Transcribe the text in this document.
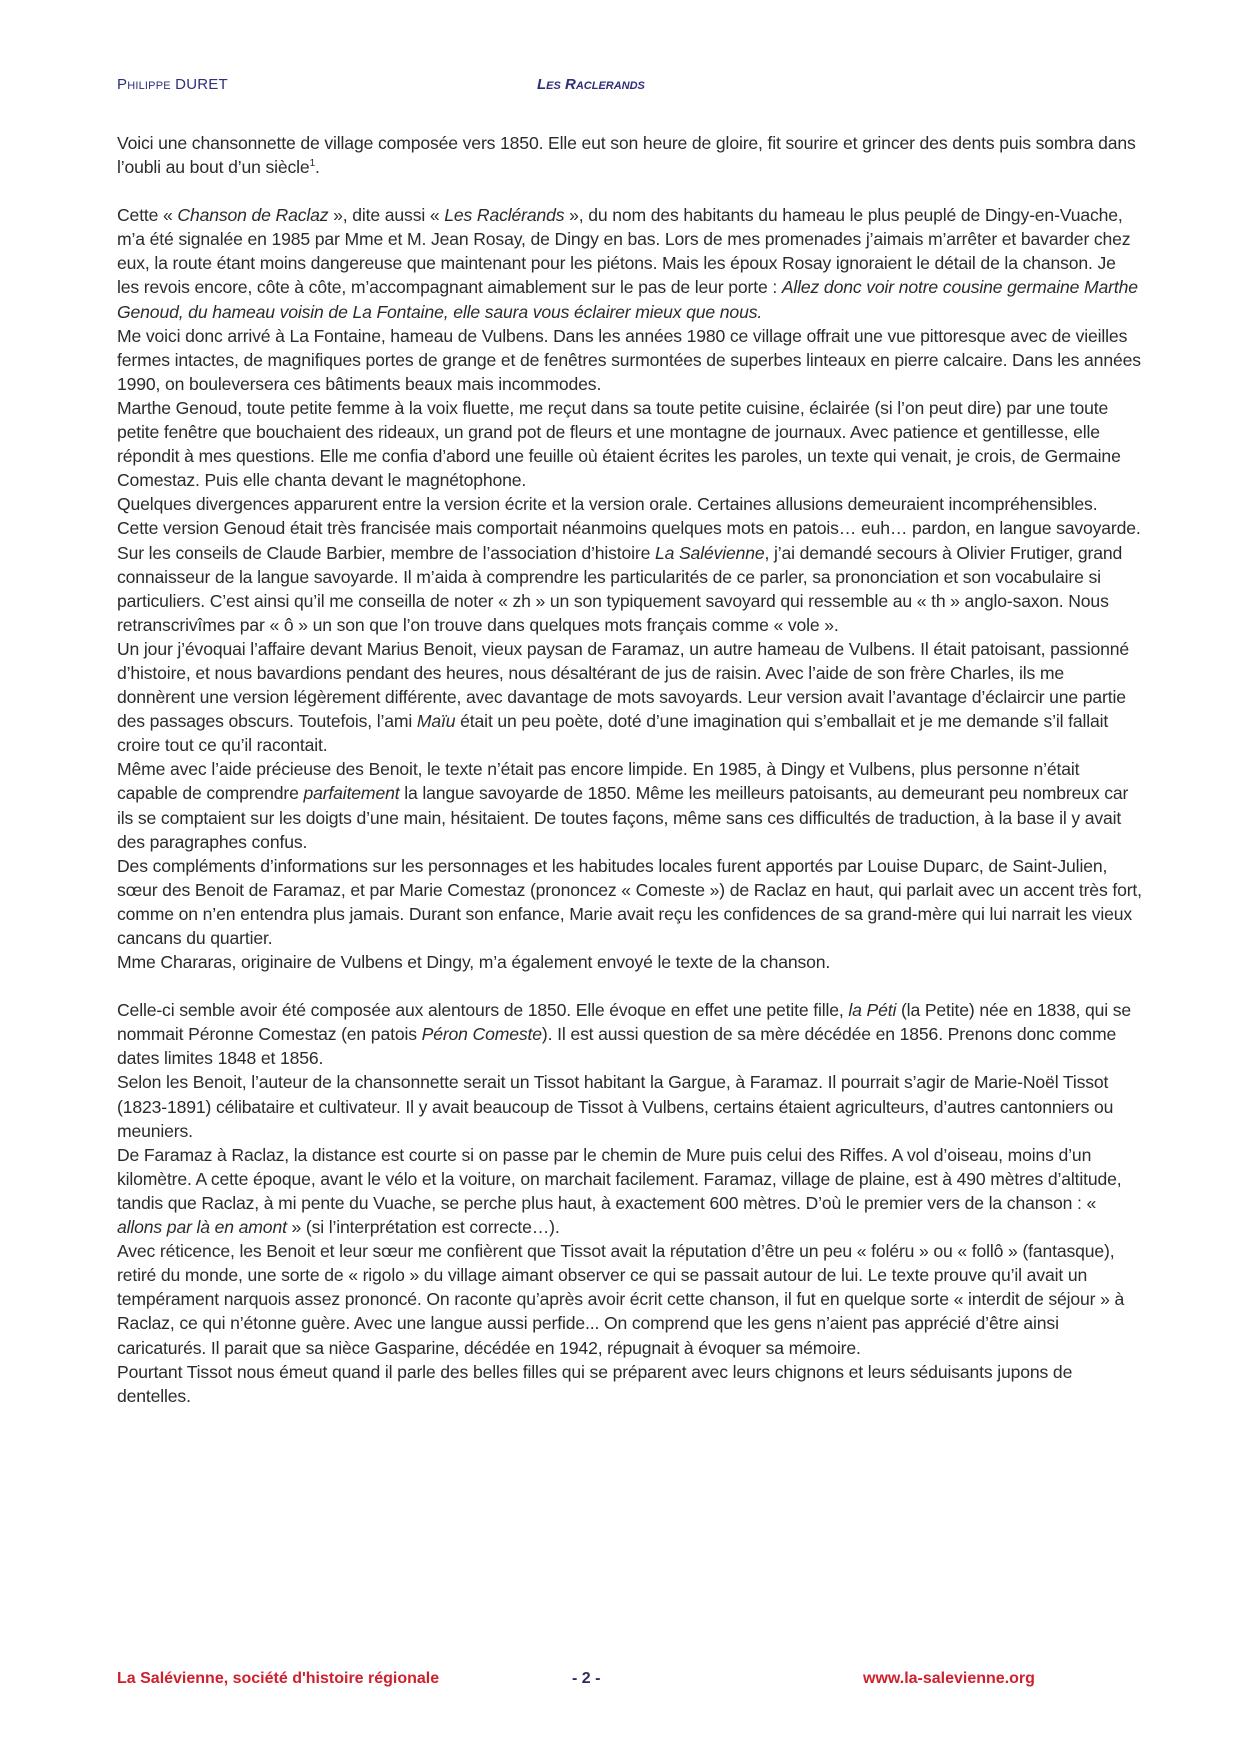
Philippe DURET	Les Raclerands

Voici une chansonnette de village composée vers 1850. Elle eut son heure de gloire, fit sourire et grincer des dents puis sombra dans l’oubli au bout d’un siècle$^1$.

Cette « Chanson de Raclaz », dite aussi « Les Raclérands », du nom des habitants du hameau le plus peuplé de Dingy-en-Vuache, m’a été signalée en 1985 par Mme et M. Jean Rosay, de Dingy en bas. Lors de mes promenades j’aimais m’arrêter et bavarder chez eux, la route étant moins dangereuse que maintenant pour les piétons. Mais les époux Rosay ignoraient le détail de la chanson. Je les revois encore, côte à côte, m’accompagnant aimablement sur le pas de leur porte : Allez donc voir notre cousine germaine Marthe Genoud, du hameau voisin de La Fontaine, elle saura vous éclairer mieux que nous.

Me voici donc arrivé à La Fontaine, hameau de Vulbens. Dans les années 1980 ce village offrait une vue pittoresque avec de vieilles fermes intactes, de magnifiques portes de grange et de fenêtres surmontées de superbes linteaux en pierre calcaire. Dans les années 1990, on bouleversera ces bâtiments beaux mais incommodes.

Marthe Genoud, toute petite femme à la voix fluette, me reçut dans sa toute petite cuisine, éclairée (si l’on peut dire) par une toute petite fenêtre que bouchaient des rideaux, un grand pot de fleurs et une montagne de journaux. Avec patience et gentillesse, elle répondit à mes questions. Elle me confia d’abord une feuille où étaient écrites les paroles, un texte qui venait, je crois, de Germaine Comestaz. Puis elle chanta devant le magnétophone.

Quelques divergences apparurent entre la version écrite et la version orale. Certaines allusions demeuraient incompréhensibles. Cette version Genoud était très francisée mais comportait néanmoins quelques mots en patois… euh… pardon, en langue savoyarde. Sur les conseils de Claude Barbier, membre de l’association d’histoire La Salévienne, j’ai demandé secours à Olivier Frutiger, grand connaisseur de la langue savoyarde. Il m’aida à comprendre les particularités de ce parler, sa prononciation et son vocabulaire si particuliers. C’est ainsi qu’il me conseilla de noter « zh » un son typiquement savoyard qui ressemble au « th » anglo-saxon. Nous retranscrivîmes par « ô » un son que l’on trouve dans quelques mots français comme « vole ».

Un jour j’évoquai l’affaire devant Marius Benoit, vieux paysan de Faramaz, un autre hameau de Vulbens. Il était patoisant, passionné d’histoire, et nous bavardions pendant des heures, nous désaltérant de jus de raisin. Avec l’aide de son frère Charles, ils me donnèrent une version légèrement différente, avec davantage de mots savoyards. Leur version avait l’avantage d’éclaircir une partie des passages obscurs. Toutefois, l’ami Maïu était un peu poète, doté d’une imagination qui s’emballait et je me demande s’il fallait croire tout ce qu’il racontait.

Même avec l’aide précieuse des Benoit, le texte n’était pas encore limpide. En 1985, à Dingy et Vulbens, plus personne n’était capable de comprendre parfaitement la langue savoyarde de 1850. Même les meilleurs patoisants, au demeurant peu nombreux car ils se comptaient sur les doigts d’une main, hésitaient. De toutes façons, même sans ces difficultés de traduction, à la base il y avait des paragraphes confus.

Des compléments d’informations sur les personnages et les habitudes locales furent apportés par Louise Duparc, de Saint-Julien, sœur des Benoit de Faramaz, et par Marie Comestaz (prononcez « Comeste ») de Raclaz en haut, qui parlait avec un accent très fort, comme on n’en entendra plus jamais. Durant son enfance, Marie avait reçu les confidences de sa grand-mère qui lui narrait les vieux cancans du quartier.

Mme Chararas, originaire de Vulbens et Dingy, m’a également envoyé le texte de la chanson.

Celle-ci semble avoir été composée aux alentours de 1850. Elle évoque en effet une petite fille, la Péti (la Petite) née en 1838, qui se nommait Péronne Comestaz (en patois Péron Comeste). Il est aussi question de sa mère décédée en 1856. Prenons donc comme dates limites 1848 et 1856.

Selon les Benoit, l’auteur de la chansonnette serait un Tissot habitant la Gargue, à Faramaz. Il pourrait s’agir de Marie-Noël Tissot (1823-1891) célibataire et cultivateur. Il y avait beaucoup de Tissot à Vulbens, certains étaient agriculteurs, d’autres cantonniers ou meuniers.

De Faramaz à Raclaz, la distance est courte si on passe par le chemin de Mure puis celui des Riffes. A vol d’oiseau, moins d’un kilomètre. A cette époque, avant le vélo et la voiture, on marchait facilement. Faramaz, village de plaine, est à 490 mètres d’altitude, tandis que Raclaz, à mi pente du Vuache, se perche plus haut, à exactement 600 mètres. D’où le premier vers de la chanson : « allons par là en amont » (si l’interprétation est correcte…).

Avec réticence, les Benoit et leur sœur me confièrent que Tissot avait la réputation d’être un peu « foléru » ou « follô » (fantasque), retiré du monde, une sorte de « rigolo » du village aimant observer ce qui se passait autour de lui. Le texte prouve qu’il avait un tempérament narquois assez prononcé. On raconte qu’après avoir écrit cette chanson, il fut en quelque sorte « interdit de séjour » à Raclaz, ce qui n’étonne guère. Avec une langue aussi perfide... On comprend que les gens n’aient pas apprécié d’être ainsi caricaturés. Il parait que sa nièce Gasparine, décédée en 1942, répugnait à évoquer sa mémoire.

Pourtant Tissot nous émeut quand il parle des belles filles qui se préparent avec leurs chignons et leurs séduisants jupons de dentelles.

La Salévienne, société d'histoire régionale	- 2 -	www.la-salevienne.org
